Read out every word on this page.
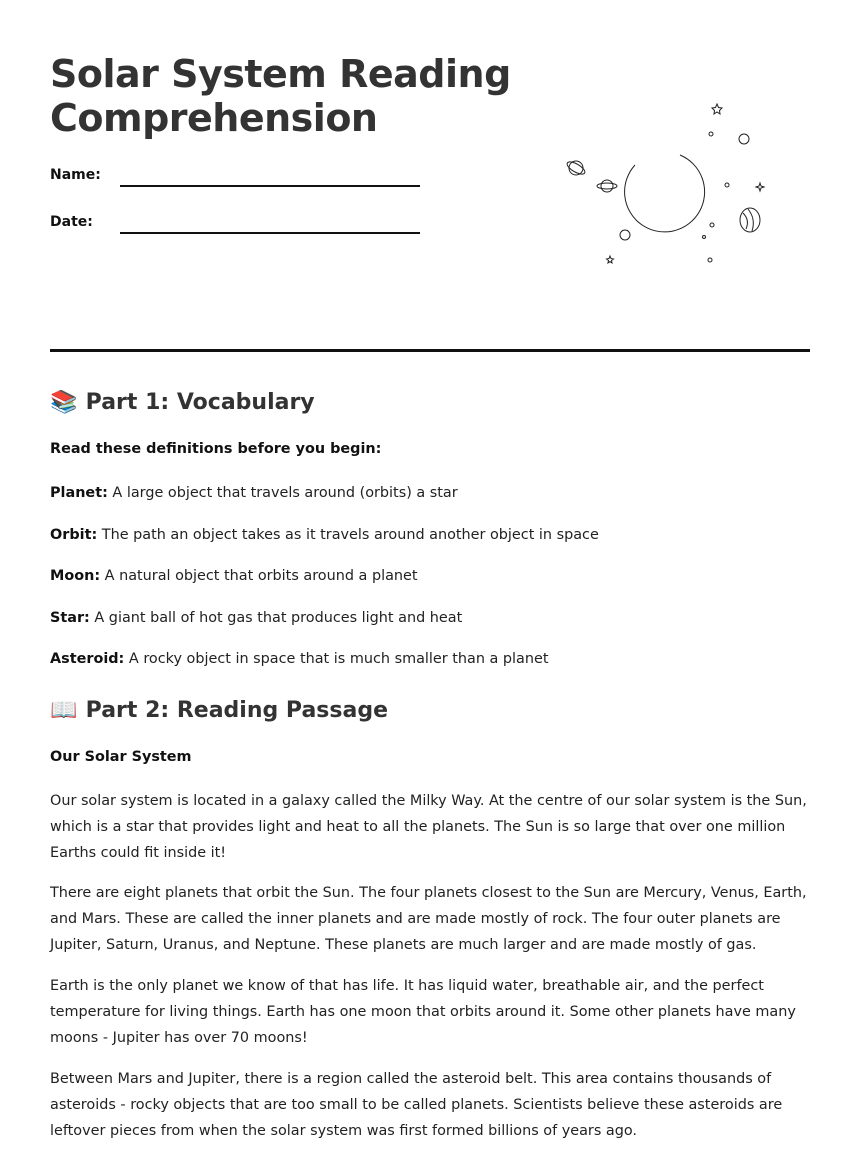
Solar System Reading Comprehension
Name:
Date:
📚 Part 1: Vocabulary

Read these definitions before you begin:

Planet: A large object that travels around (orbits) a star

Orbit: The path an object takes as it travels around another object in space

Moon: A natural object that orbits around a planet

Star: A giant ball of hot gas that produces light and heat

Asteroid: A rocky object in space that is much smaller than a planet

📖 Part 2: Reading Passage

Our Solar System

Our solar system is located in a galaxy called the Milky Way. At the centre of our solar system is the Sun, which is a star that provides light and heat to all the planets. The Sun is so large that over one million Earths could fit inside it!

There are eight planets that orbit the Sun. The four planets closest to the Sun are Mercury, Venus, Earth, and Mars. These are called the inner planets and are made mostly of rock. The four outer planets are Jupiter, Saturn, Uranus, and Neptune. These planets are much larger and are made mostly of gas.

Earth is the only planet we know of that has life. It has liquid water, breathable air, and the perfect temperature for living things. Earth has one moon that orbits around it. Some other planets have many moons - Jupiter has over 70 moons!

Between Mars and Jupiter, there is a region called the asteroid belt. This area contains thousands of asteroids - rocky objects that are too small to be called planets. Scientists believe these asteroids are leftover pieces from when the solar system was first formed billions of years ago.
